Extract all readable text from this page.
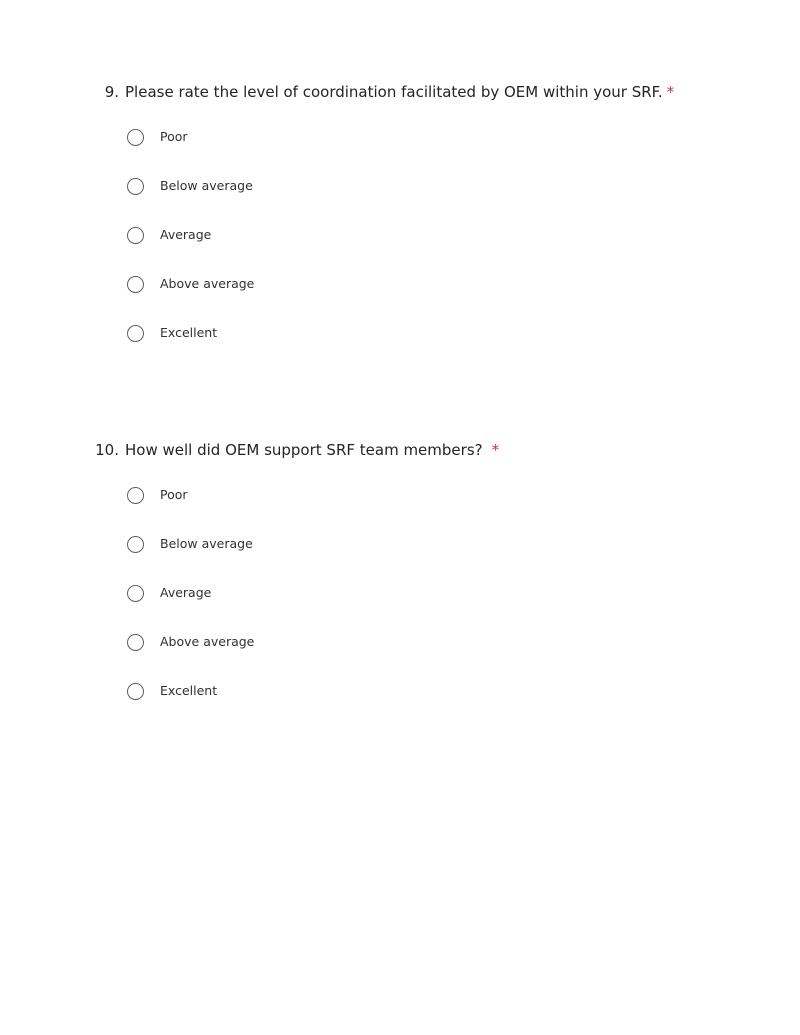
9. Please rate the level of coordination facilitated by OEM within your SRF. *
Poor
Below average
Average
Above average
Excellent
10. How well did OEM support SRF team members? *
Poor
Below average
Average
Above average
Excellent
